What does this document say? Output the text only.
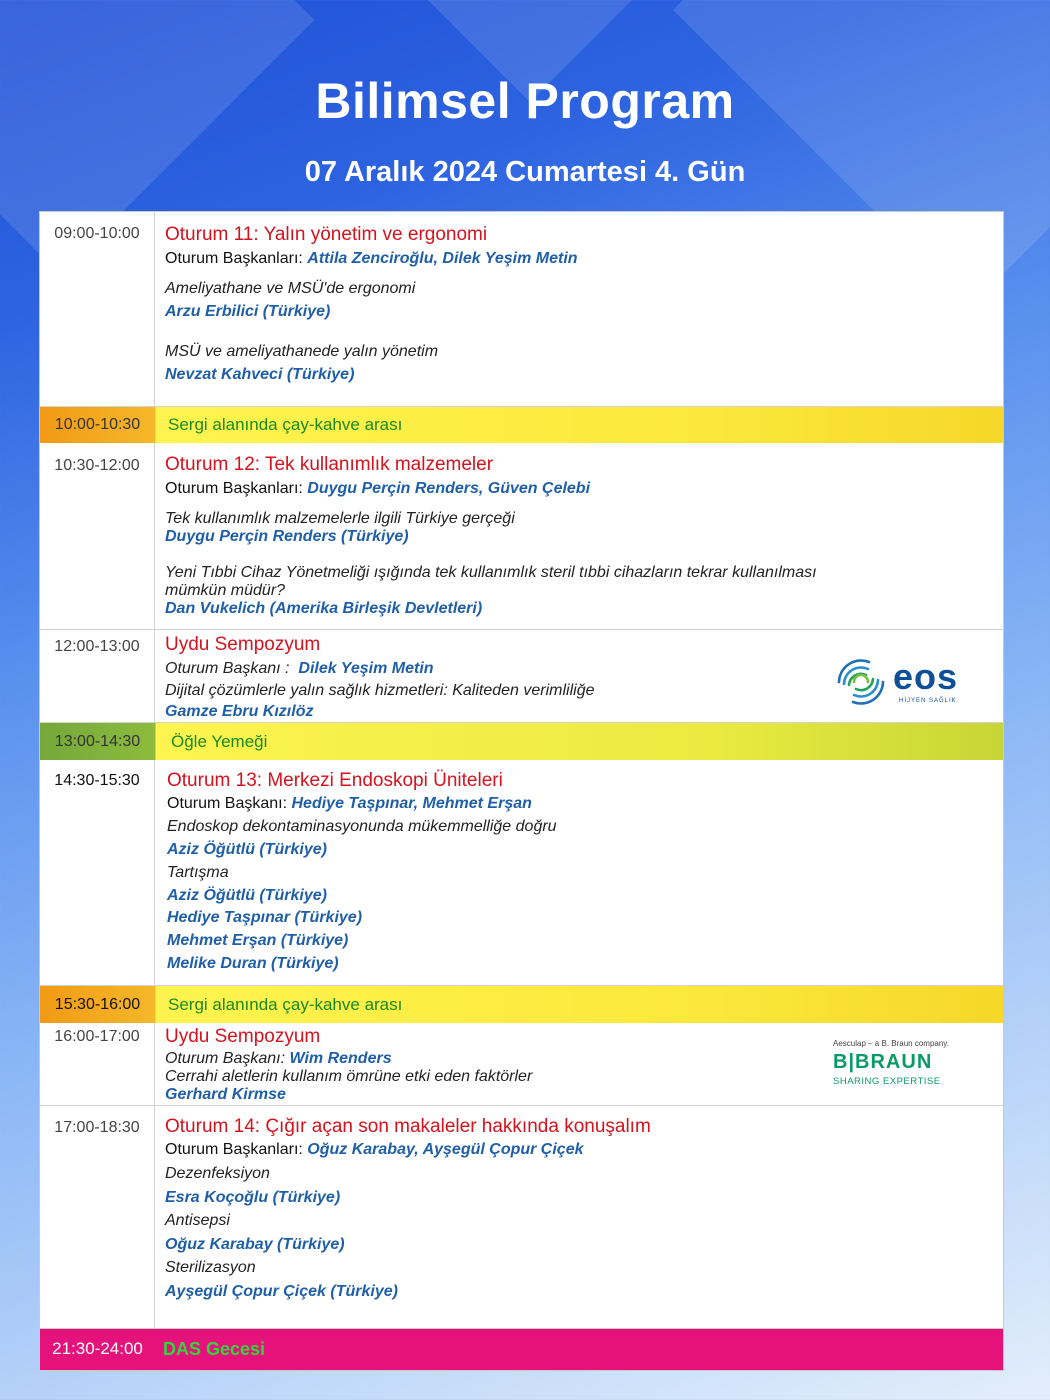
Bilimsel Program
07 Aralık 2024 Cumartesi 4. Gün
09:00-10:00	Oturum 11: Yalın yönetim ve ergonomi
Oturum Başkanları: Attila Zenciroğlu, Dilek Yeşim Metin
Ameliyathane ve MSÜ'de ergonomi
Arzu Erbilici (Türkiye)
MSÜ ve ameliyathanede yalın yönetim
Nevzat Kahveci (Türkiye)
10:00-10:30	Sergi alanında çay-kahve arası
10:30-12:00	Oturum 12: Tek kullanımlık malzemeler
Oturum Başkanları: Duygu Perçin Renders, Güven Çelebi
Tek kullanımlık malzemelerle ilgili Türkiye gerçeği
Duygu Perçin Renders (Türkiye)
Yeni Tıbbi Cihaz Yönetmeliği ışığında tek kullanımlık steril tıbbi cihazların tekrar kullanılması
mümkün müdür?
Dan Vukelich (Amerika Birleşik Devletleri)
12:00-13:00	Uydu Sempozyum
Oturum Başkanı : Dilek Yeşim Metin
Dijital çözümlerle yalın sağlık hizmetleri: Kaliteden verimliliğe
Gamze Ebru Kızılöz
eos
HİJYEN SAĞLIK
13:00-14:30	Öğle Yemeği
14:30-15:30	Oturum 13: Merkezi Endoskopi Üniteleri
Oturum Başkanı: Hediye Taşpınar, Mehmet Erşan
Endoskop dekontaminasyonunda mükemmelliğe doğru
Aziz Öğütlü (Türkiye)
Tartışma
Aziz Öğütlü (Türkiye)
Hediye Taşpınar (Türkiye)
Mehmet Erşan (Türkiye)
Melike Duran (Türkiye)
15:30-16:00	Sergi alanında çay-kahve arası
16:00-17:00	Uydu Sempozyum
Oturum Başkanı: Wim Renders
Cerrahi aletlerin kullanım ömrüne etki eden faktörler
Gerhard Kirmse
Aesculap – a B. Braun company.
B|BRAUN
SHARING EXPERTISE
17:00-18:30	Oturum 14: Çığır açan son makaleler hakkında konuşalım
Oturum Başkanları: Oğuz Karabay, Ayşegül Çopur Çiçek
Dezenfeksiyon
Esra Koçoğlu (Türkiye)
Antisepsi
Oğuz Karabay (Türkiye)
Sterilizasyon
Ayşegül Çopur Çiçek (Türkiye)
21:30-24:00	DAS Gecesi
